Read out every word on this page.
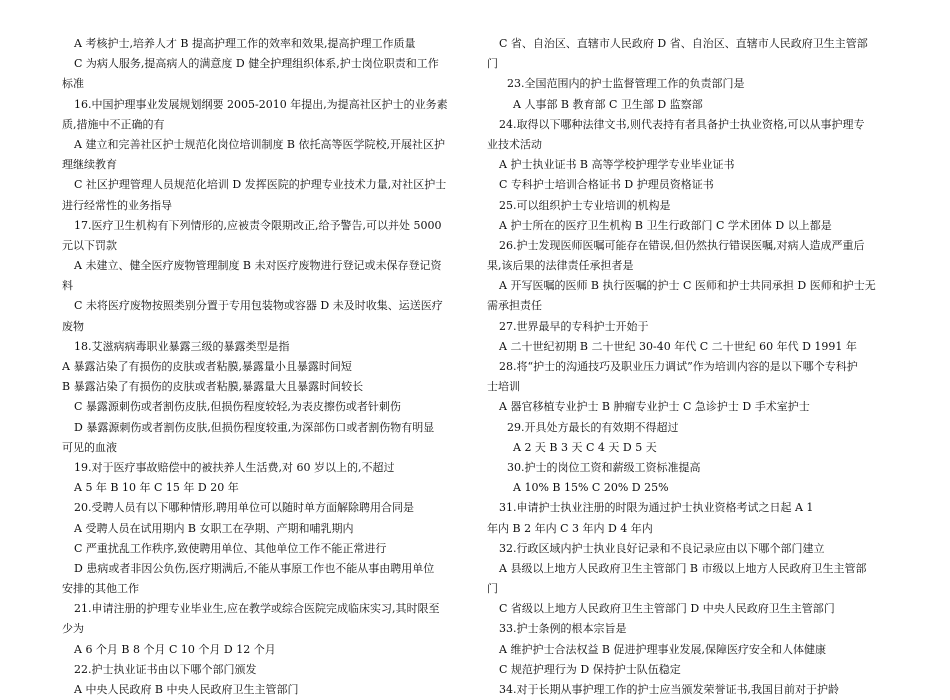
A 考核护士,培养人才 B 提高护理工作的效率和效果,提高护理工作质量
C 为病人服务,提高病人的满意度 D 健全护理组织体系,护士岗位职责和工作
标准
16.中国护理事业发展规划纲要 2005-2010 年提出,为提高社区护士的业务素
质,措施中不正确的有
A 建立和完善社区护士规范化岗位培训制度 B 依托高等医学院校,开展社区护
理继续教育
C 社区护理管理人员规范化培训 D 发挥医院的护理专业技术力量,对社区护士
进行经常性的业务指导
17.医疗卫生机构有下列情形的,应被责令限期改正,给予警告,可以并处 5000
元以下罚款
A 未建立、健全医疗废物管理制度 B 未对医疗废物进行登记或未保存登记资
料
C 未将医疗废物按照类别分置于专用包装物或容器 D 未及时收集、运送医疗
废物
18.艾滋病病毒职业暴露三级的暴露类型是指
A 暴露沾染了有损伤的皮肤或者粘膜,暴露量小且暴露时间短
B 暴露沾染了有损伤的皮肤或者粘膜,暴露量大且暴露时间较长
C 暴露源刺伤或者割伤皮肤,但损伤程度较轻,为表皮擦伤或者针刺伤
D 暴露源刺伤或者割伤皮肤,但损伤程度较重,为深部伤口或者割伤物有明显
可见的血液
19.对于医疗事故赔偿中的被扶养人生活费,对 60 岁以上的,不超过
A 5 年 B 10 年 C 15 年 D 20 年
20.受聘人员有以下哪种情形,聘用单位可以随时单方面解除聘用合同是
A 受聘人员在试用期内 B 女职工在孕期、产期和哺乳期内
C 严重扰乱工作秩序,致使聘用单位、其他单位工作不能正常进行
D 患病或者非因公负伤,医疗期满后,不能从事原工作也不能从事由聘用单位
安排的其他工作
21.申请注册的护理专业毕业生,应在教学或综合医院完成临床实习,其时限至
少为
A 6 个月 B 8 个月 C 10 个月 D 12 个月
22.护士执业证书由以下哪个部门颁发
A 中央人民政府 B 中央人民政府卫生主管部门
C 省、自治区、直辖市人民政府 D 省、自治区、直辖市人民政府卫生主管部
门
23.全国范围内的护士监督管理工作的负责部门是
A 人事部 B 教育部 C 卫生部 D 监察部
24.取得以下哪种法律文书,则代表持有者具备护士执业资格,可以从事护理专
业技术活动
A 护士执业证书 B 高等学校护理学专业毕业证书
C 专科护士培训合格证书 D 护理员资格证书
25.可以组织护士专业培训的机构是
A 护士所在的医疗卫生机构 B 卫生行政部门 C 学术团体 D 以上都是
26.护士发现医师医嘱可能存在错误,但仍然执行错误医嘱,对病人造成严重后
果,该后果的法律责任承担者是
A 开写医嘱的医师 B 执行医嘱的护士 C 医师和护士共同承担 D 医师和护士无
需承担责任
27.世界最早的专科护士开始于
A 二十世纪初期 B 二十世纪 30-40 年代 C 二十世纪 60 年代 D 1991 年
28.将“护士的沟通技巧及职业压力调试”作为培训内容的是以下哪个专科护
士培训
A 器官移植专业护士 B 肿瘤专业护士 C 急诊护士 D 手术室护士
29.开具处方最长的有效期不得超过
A 2 天 B 3 天 C 4 天 D 5 天
30.护士的岗位工资和薪级工资标准提高
A 10% B 15% C 20% D 25%
31.申请护士执业注册的时限为通过护士执业资格考试之日起 A 1
年内 B 2 年内 C 3 年内 D 4 年内
32.行政区域内护士执业良好记录和不良记录应由以下哪个部门建立
A 县级以上地方人民政府卫生主管部门 B 市级以上地方人民政府卫生主管部
门
C 省级以上地方人民政府卫生主管部门 D 中央人民政府卫生主管部门
33.护士条例的根本宗旨是
A 维护护士合法权益 B 促进护理事业发展,保障医疗安全和人体健康
C 规范护理行为 D 保持护士队伍稳定
34.对于长期从事护理工作的护士应当颁发荣誉证书,我国目前对于护龄
